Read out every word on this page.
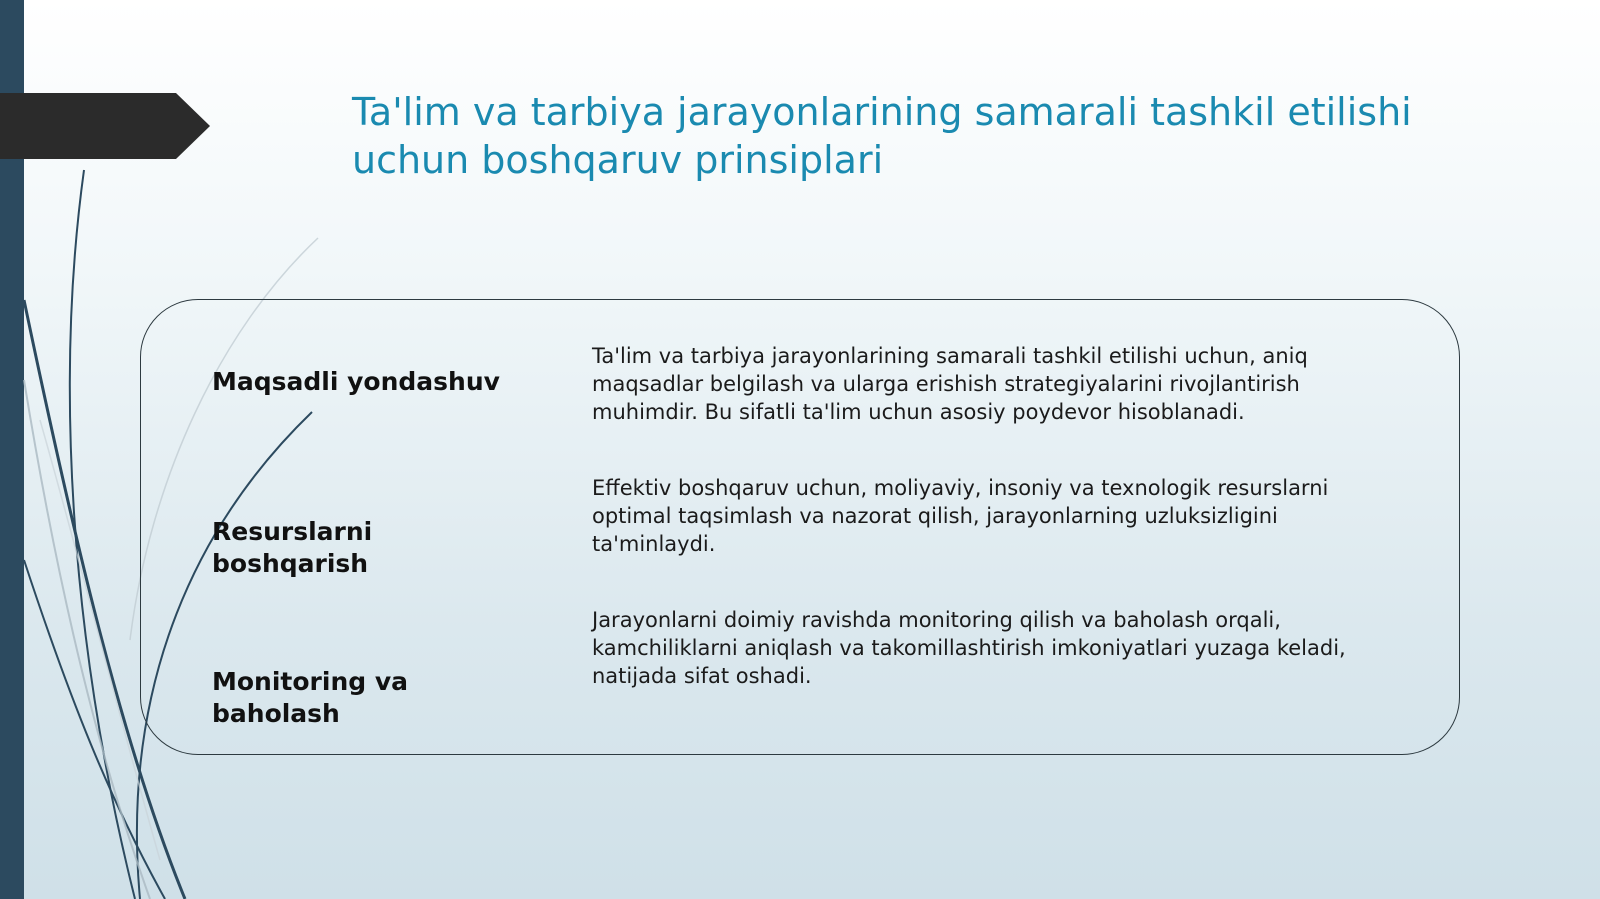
Ta'lim va tarbiya jarayonlarining samarali tashkil etilishi
uchun boshqaruv prinsiplari

Maqsadli yondashuv

Ta'lim va tarbiya jarayonlarining samarali tashkil etilishi uchun, aniq maqsadlar belgilash va ularga erishish strategiyalarini rivojlantirish muhimdir. Bu sifatli ta'lim uchun asosiy poydevor hisoblanadi.

Resurslarni
boshqarish

Effektiv boshqaruv uchun, moliyaviy, insoniy va texnologik resurslarni optimal taqsimlash va nazorat qilish, jarayonlarning uzluksizligini ta'minlaydi.

Monitoring va
baholash

Jarayonlarni doimiy ravishda monitoring qilish va baholash orqali, kamchiliklarni aniqlash va takomillashtirish imkoniyatlari yuzaga keladi, natijada sifat oshadi.
